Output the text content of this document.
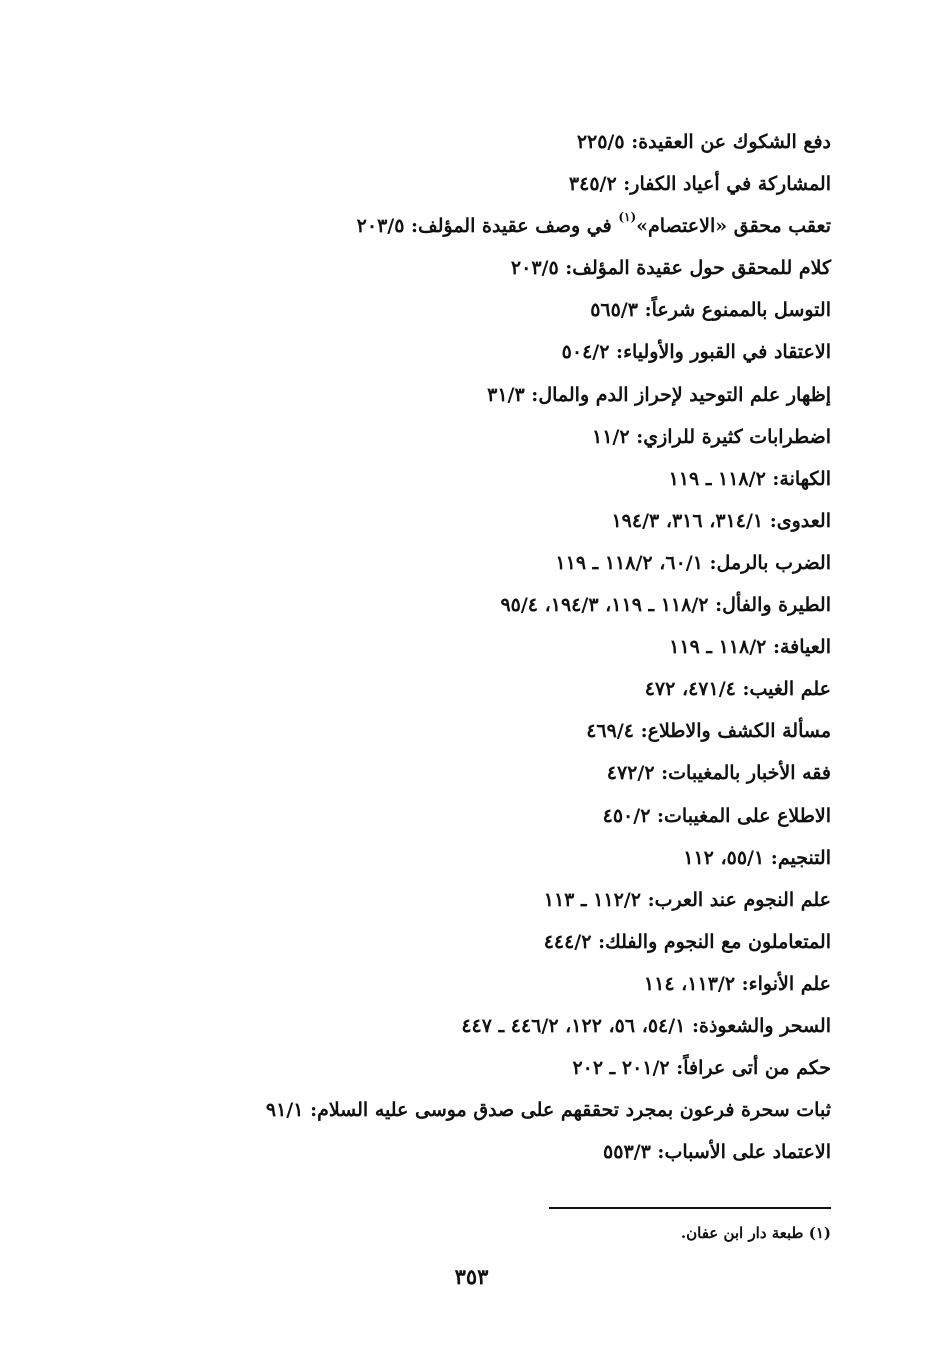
دفع الشكوك عن العقيدة: ٢٢٥/٥
المشاركة في أعياد الكفار: ٣٤٥/٢
تعقب محقق «الاعتصام»$^{(١)}$ في وصف عقيدة المؤلف: ٢٠٣/٥
كلام للمحقق حول عقيدة المؤلف: ٢٠٣/٥
التوسل بالممنوع شرعاً: ٥٦٥/٣
الاعتقاد في القبور والأولياء: ٥٠٤/٢
إظهار علم التوحيد لإحراز الدم والمال: ٣١/٣
اضطرابات كثيرة للرازي: ١١/٢
الكهانة: ١١٨/٢ ـ ١١٩
العدوى: ٣١٤/١، ٣١٦، ١٩٤/٣
الضرب بالرمل: ٦٠/١، ١١٨/٢ ـ ١١٩
الطيرة والفأل: ١١٨/٢ ـ ١١٩، ١٩٤/٣، ٩٥/٤
العيافة: ١١٨/٢ ـ ١١٩
علم الغيب: ٤٧١/٤، ٤٧٢
مسألة الكشف والاطلاع: ٤٦٩/٤
فقه الأخبار بالمغيبات: ٤٧٢/٢
الاطلاع على المغيبات: ٤٥٠/٢
التنجيم: ٥٥/١، ١١٢
علم النجوم عند العرب: ١١٢/٢ ـ ١١٣
المتعاملون مع النجوم والفلك: ٤٤٤/٢
علم الأنواء: ١١٣/٢، ١١٤
السحر والشعوذة: ٥٤/١، ٥٦، ١٢٢، ٤٤٦/٢ ـ ٤٤٧
حكم من أتى عرافاً: ٢٠١/٢ ـ ٢٠٢
ثبات سحرة فرعون بمجرد تحققهم على صدق موسى عليه السلام: ٩١/١
الاعتماد على الأسباب: ٥٥٣/٣
(١) طبعة دار ابن عفان.
٣٥٣
